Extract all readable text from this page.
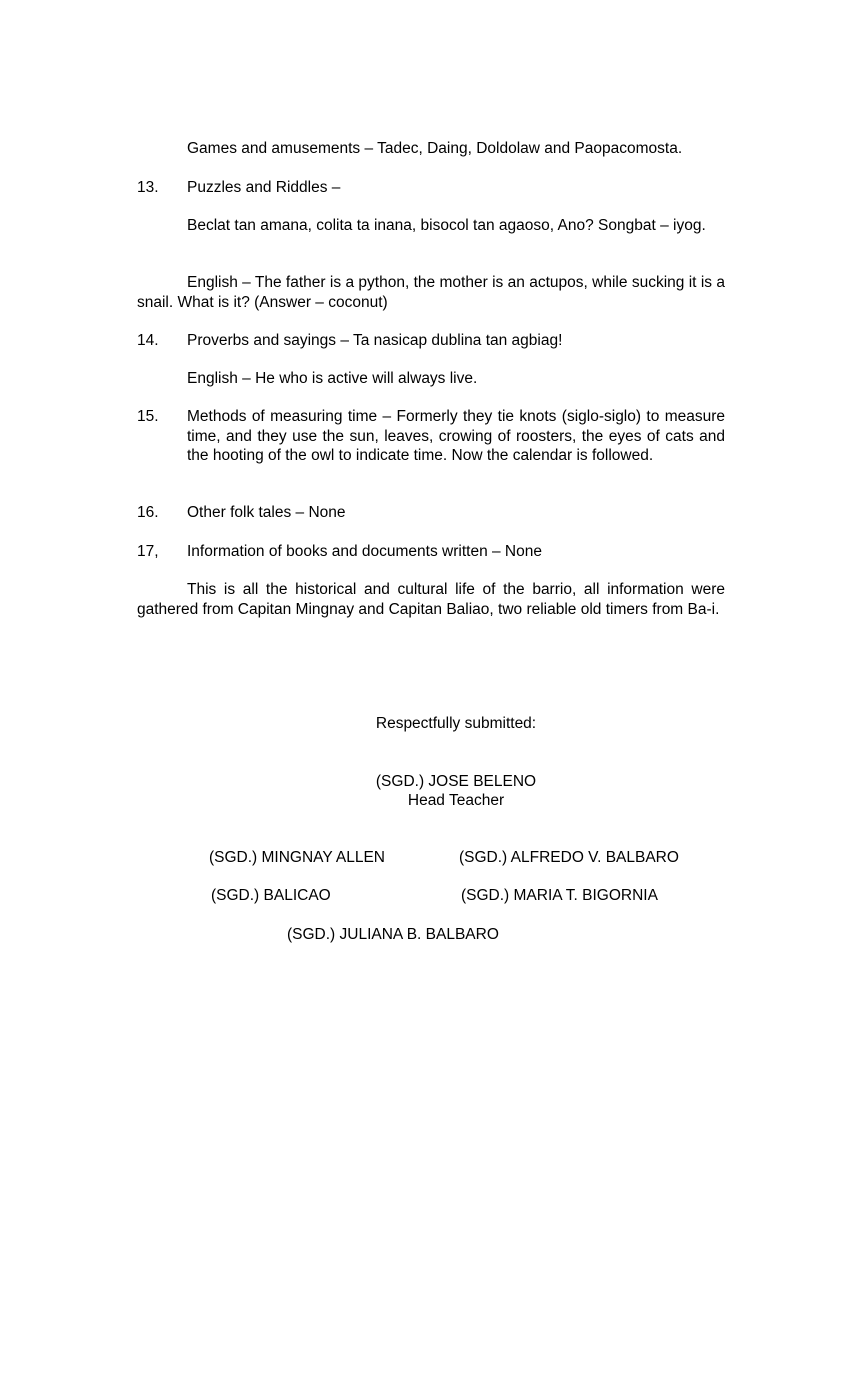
Games and amusements – Tadec, Daing, Doldolaw and Paopacomosta.
13. Puzzles and Riddles –
Beclat tan amana, colita ta inana, bisocol tan agaoso, Ano? Songbat – iyog.
English – The father is a python, the mother is an actupos, while sucking it is a snail. What is it? (Answer – coconut)
14. Proverbs and sayings – Ta nasicap dublina tan agbiag!
English – He who is active will always live.
15. Methods of measuring time – Formerly they tie knots (siglo-siglo) to measure time, and they use the sun, leaves, crowing of roosters, the eyes of cats and the hooting of the owl to indicate time. Now the calendar is followed.
16. Other folk tales – None
17, Information of books and documents written – None
This is all the historical and cultural life of the barrio, all information were gathered from Capitan Mingnay and Capitan Baliao, two reliable old timers from Ba-i.
Respectfully submitted:
(SGD.) JOSE BELENO
Head Teacher
(SGD.) MINGNAY ALLEN	(SGD.) ALFREDO V. BALBARO
(SGD.) BALICAO	(SGD.) MARIA T. BIGORNIA
(SGD.) JULIANA B. BALBARO
